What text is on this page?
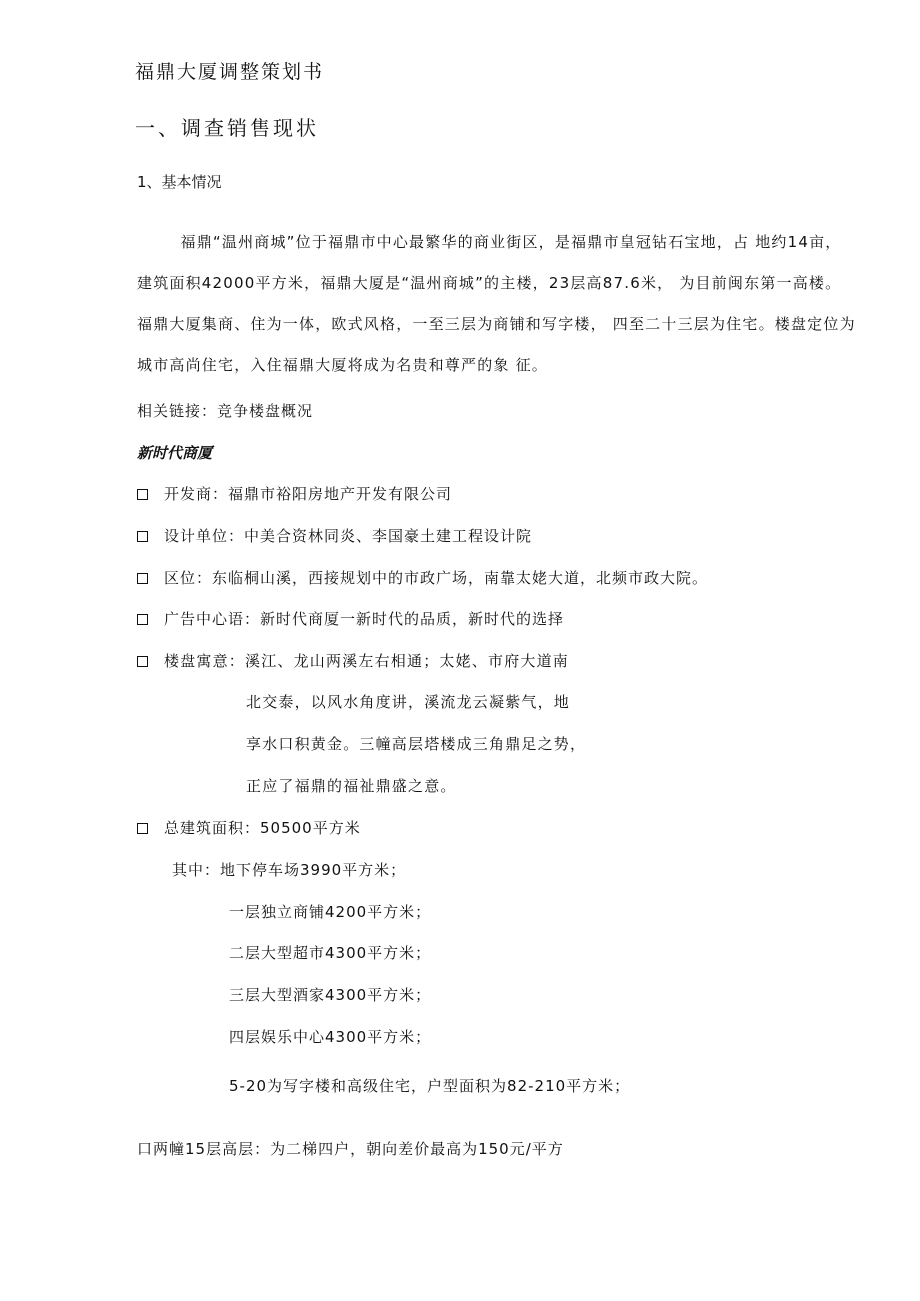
福鼎大厦调整策划书
一、调查销售现状
1、基本情况
福鼎“温州商城”位于福鼎市中心最繁华的商业街区，是福鼎市皇冠钻石宝地，占 地约14亩，建筑面积42000平方米，福鼎大厦是“温州商城”的主楼，23层高87.6米， 为目前闽东第一高楼。福鼎大厦集商、住为一体，欧式风格，一至三层为商铺和写字楼， 四至二十三层为住宅。楼盘定位为城市高尚住宅，入住福鼎大厦将成为名贵和尊严的象 征。
相关链接：竞争楼盘概况
新时代商厦
开发商：福鼎市裕阳房地产开发有限公司
设计单位：中美合资林同炎、李国豪土建工程设计院
区位：东临桐山溪，西接规划中的市政广场，南靠太姥大道，北频市政大院。
广告中心语：新时代商厦一新时代的品质，新时代的选择
楼盘寓意：溪江、龙山两溪左右相通；太姥、市府大道南
北交泰，以风水角度讲，溪流龙云凝紫气，地
享水口积黄金。三幢高层塔楼成三角鼎足之势，
正应了福鼎的福祉鼎盛之意。
总建筑面积：50500平方米
其中：地下停车场3990平方米；
一层独立商铺4200平方米；
二层大型超市4300平方米；
三层大型酒家4300平方米；
四层娱乐中心4300平方米；
5-20为写字楼和高级住宅，户型面积为82-210平方米；
口两幢15层高层：为二梯四户，朝向差价最高为150元/平方
